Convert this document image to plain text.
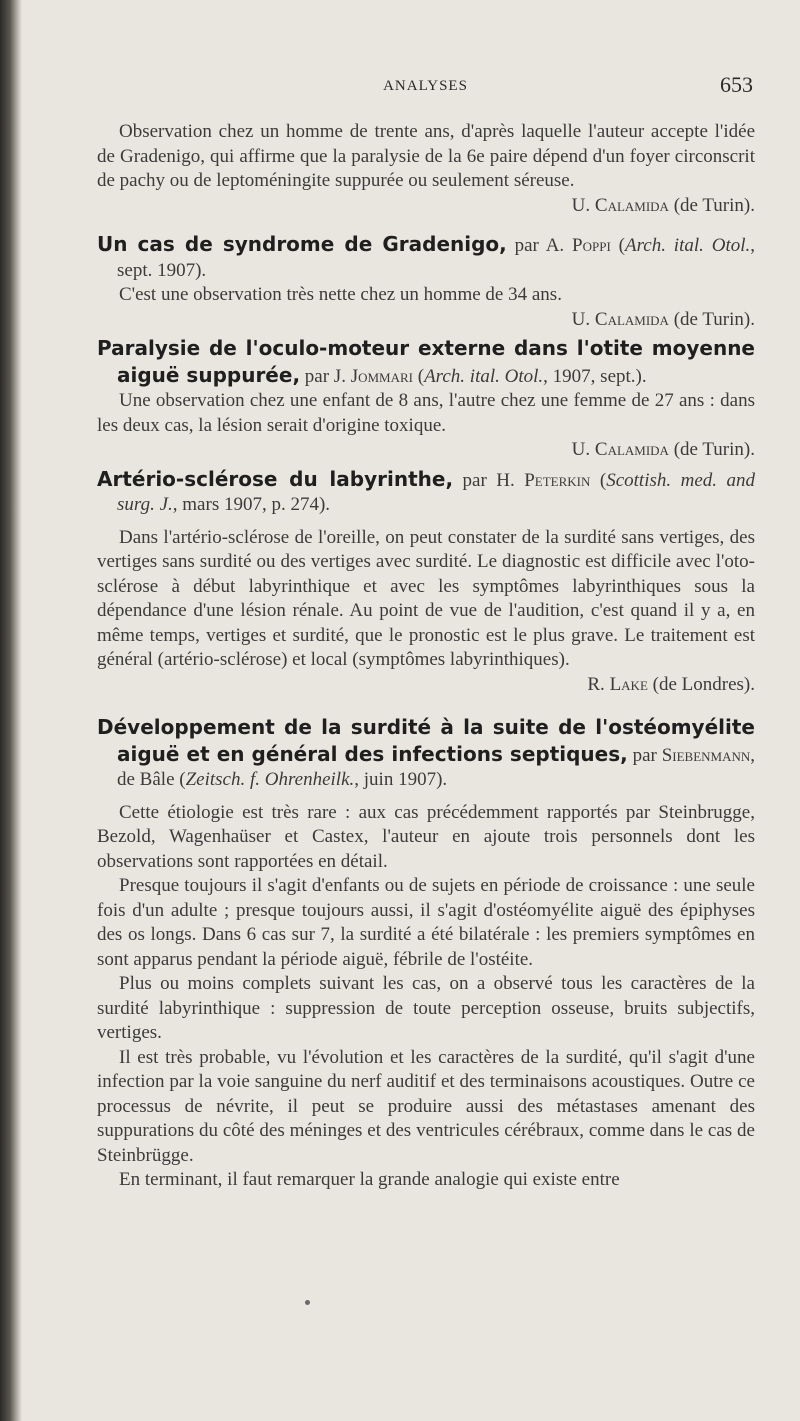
ANALYSES	653

Observation chez un homme de trente ans, d'après laquelle l'auteur accepte l'idée de Gradenigo, qui affirme que la paralysie de la 6e paire dépend d'un foyer circonscrit de pachy ou de leptoméningite suppurée ou seulement séreuse.

U. Calamida (de Turin).

Un cas de syndrome de Gradenigo, par A. Poppi (Arch. ital. Otol., sept. 1907).

C'est une observation très nette chez un homme de 34 ans.

U. Calamida (de Turin).

Paralysie de l'oculo-moteur externe dans l'otite moyenne aiguë suppurée, par J. Jommari (Arch. ital. Otol., 1907, sept.).

Une observation chez une enfant de 8 ans, l'autre chez une femme de 27 ans : dans les deux cas, la lésion serait d'origine toxique.

U. Calamida (de Turin).

Artério-sclérose du labyrinthe, par H. Peterkin (Scottish. med. and surg. J., mars 1907, p. 274).

Dans l'artério-sclérose de l'oreille, on peut constater de la surdité sans vertiges, des vertiges sans surdité ou des vertiges avec surdité. Le diagnostic est difficile avec l'oto-sclérose à début labyrinthique et avec les symptômes labyrinthiques sous la dépendance d'une lésion rénale. Au point de vue de l'audition, c'est quand il y a, en même temps, vertiges et surdité, que le pronostic est le plus grave. Le traitement est général (artério-sclérose) et local (symptômes labyrinthiques).

R. Lake (de Londres).

Développement de la surdité à la suite de l'ostéomyélite aiguë et en général des infections septiques, par Siebenmann, de Bâle (Zeitsch. f. Ohrenheilk., juin 1907).

Cette étiologie est très rare : aux cas précédemment rapportés par Steinbrugge, Bezold, Wagenhaüser et Castex, l'auteur en ajoute trois personnels dont les observations sont rapportées en détail.

Presque toujours il s'agit d'enfants ou de sujets en période de croissance : une seule fois d'un adulte ; presque toujours aussi, il s'agit d'ostéomyélite aiguë des épiphyses des os longs. Dans 6 cas sur 7, la surdité a été bilatérale : les premiers symptômes en sont apparus pendant la période aiguë, fébrile de l'ostéite.

Plus ou moins complets suivant les cas, on a observé tous les caractères de la surdité labyrinthique : suppression de toute perception osseuse, bruits subjectifs, vertiges.

Il est très probable, vu l'évolution et les caractères de la surdité, qu'il s'agit d'une infection par la voie sanguine du nerf auditif et des terminaisons acoustiques. Outre ce processus de névrite, il peut se produire aussi des métastases amenant des suppurations du côté des méninges et des ventricules cérébraux, comme dans le cas de Steinbrügge.

En terminant, il faut remarquer la grande analogie qui existe entre
